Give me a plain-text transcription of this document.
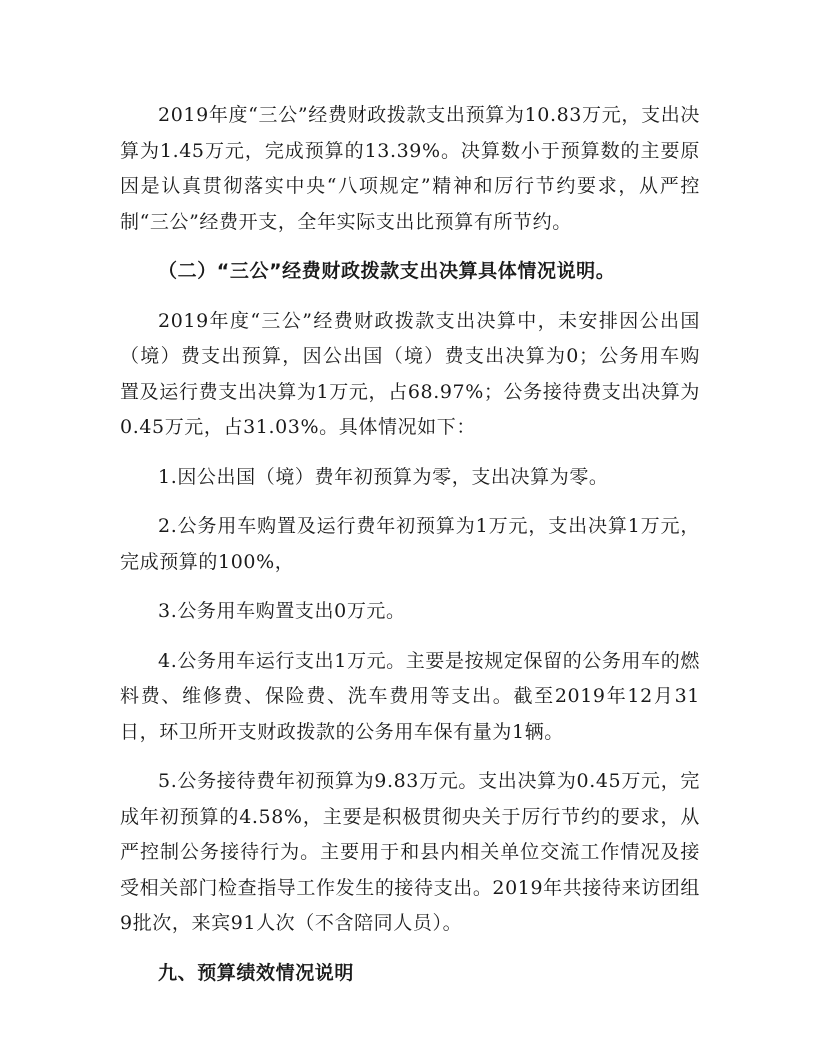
2019年度“三公”经费财政拨款支出预算为10.83万元，支出决算为1.45万元，完成预算的13.39%。决算数小于预算数的主要原因是认真贯彻落实中央“八项规定”精神和厉行节约要求，从严控制“三公”经费开支，全年实际支出比预算有所节约。

（二）“三公”经费财政拨款支出决算具体情况说明。

2019年度“三公”经费财政拨款支出决算中，未安排因公出国（境）费支出预算，因公出国（境）费支出决算为0；公务用车购置及运行费支出决算为1万元，占68.97%；公务接待费支出决算为0.45万元，占31.03%。具体情况如下：

1.因公出国（境）费年初预算为零，支出决算为零。

2.公务用车购置及运行费年初预算为1万元，支出决算1万元，完成预算的100%，

3.公务用车购置支出0万元。

4.公务用车运行支出1万元。主要是按规定保留的公务用车的燃料费、维修费、保险费、洗车费用等支出。截至2019年12月31日，环卫所开支财政拨款的公务用车保有量为1辆。

5.公务接待费年初预算为9.83万元。支出决算为0.45万元，完成年初预算的4.58%，主要是积极贯彻央关于厉行节约的要求，从严控制公务接待行为。主要用于和县内相关单位交流工作情况及接受相关部门检查指导工作发生的接待支出。2019年共接待来访团组9批次，来宾91人次（不含陪同人员）。

九、预算绩效情况说明
